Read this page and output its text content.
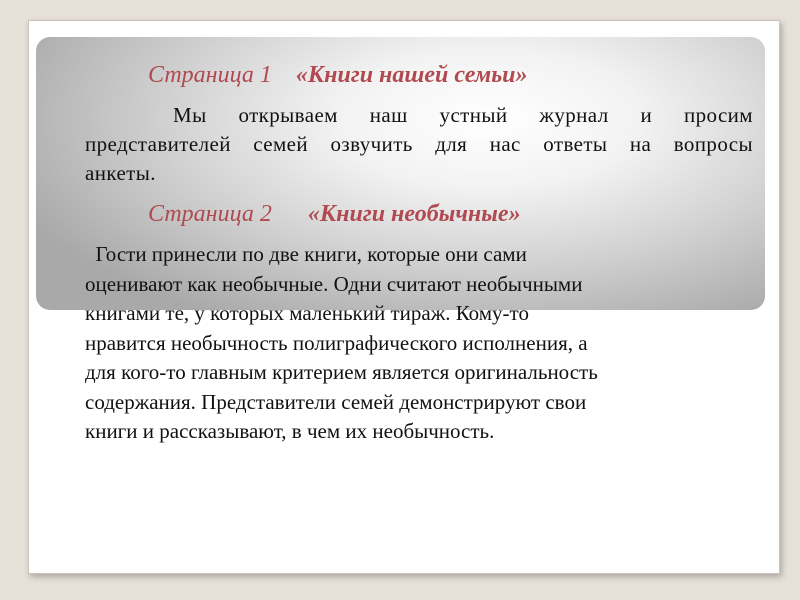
Страница 1 «Книги нашей семьи»
Мы открываем наш устный журнал и просим представителей семей озвучить для нас ответы на вопросы анкеты.
Страница 2 «Книги необычные»
Гости принесли по две книги, которые они сами
оценивают как необычные. Одни считают необычными
книгами те, у которых маленький тираж. Кому-то
нравится необычность полиграфического исполнения, а
для кого-то главным критерием является оригинальность
содержания. Представители семей демонстрируют свои
книги и рассказывают, в чем их необычность.
